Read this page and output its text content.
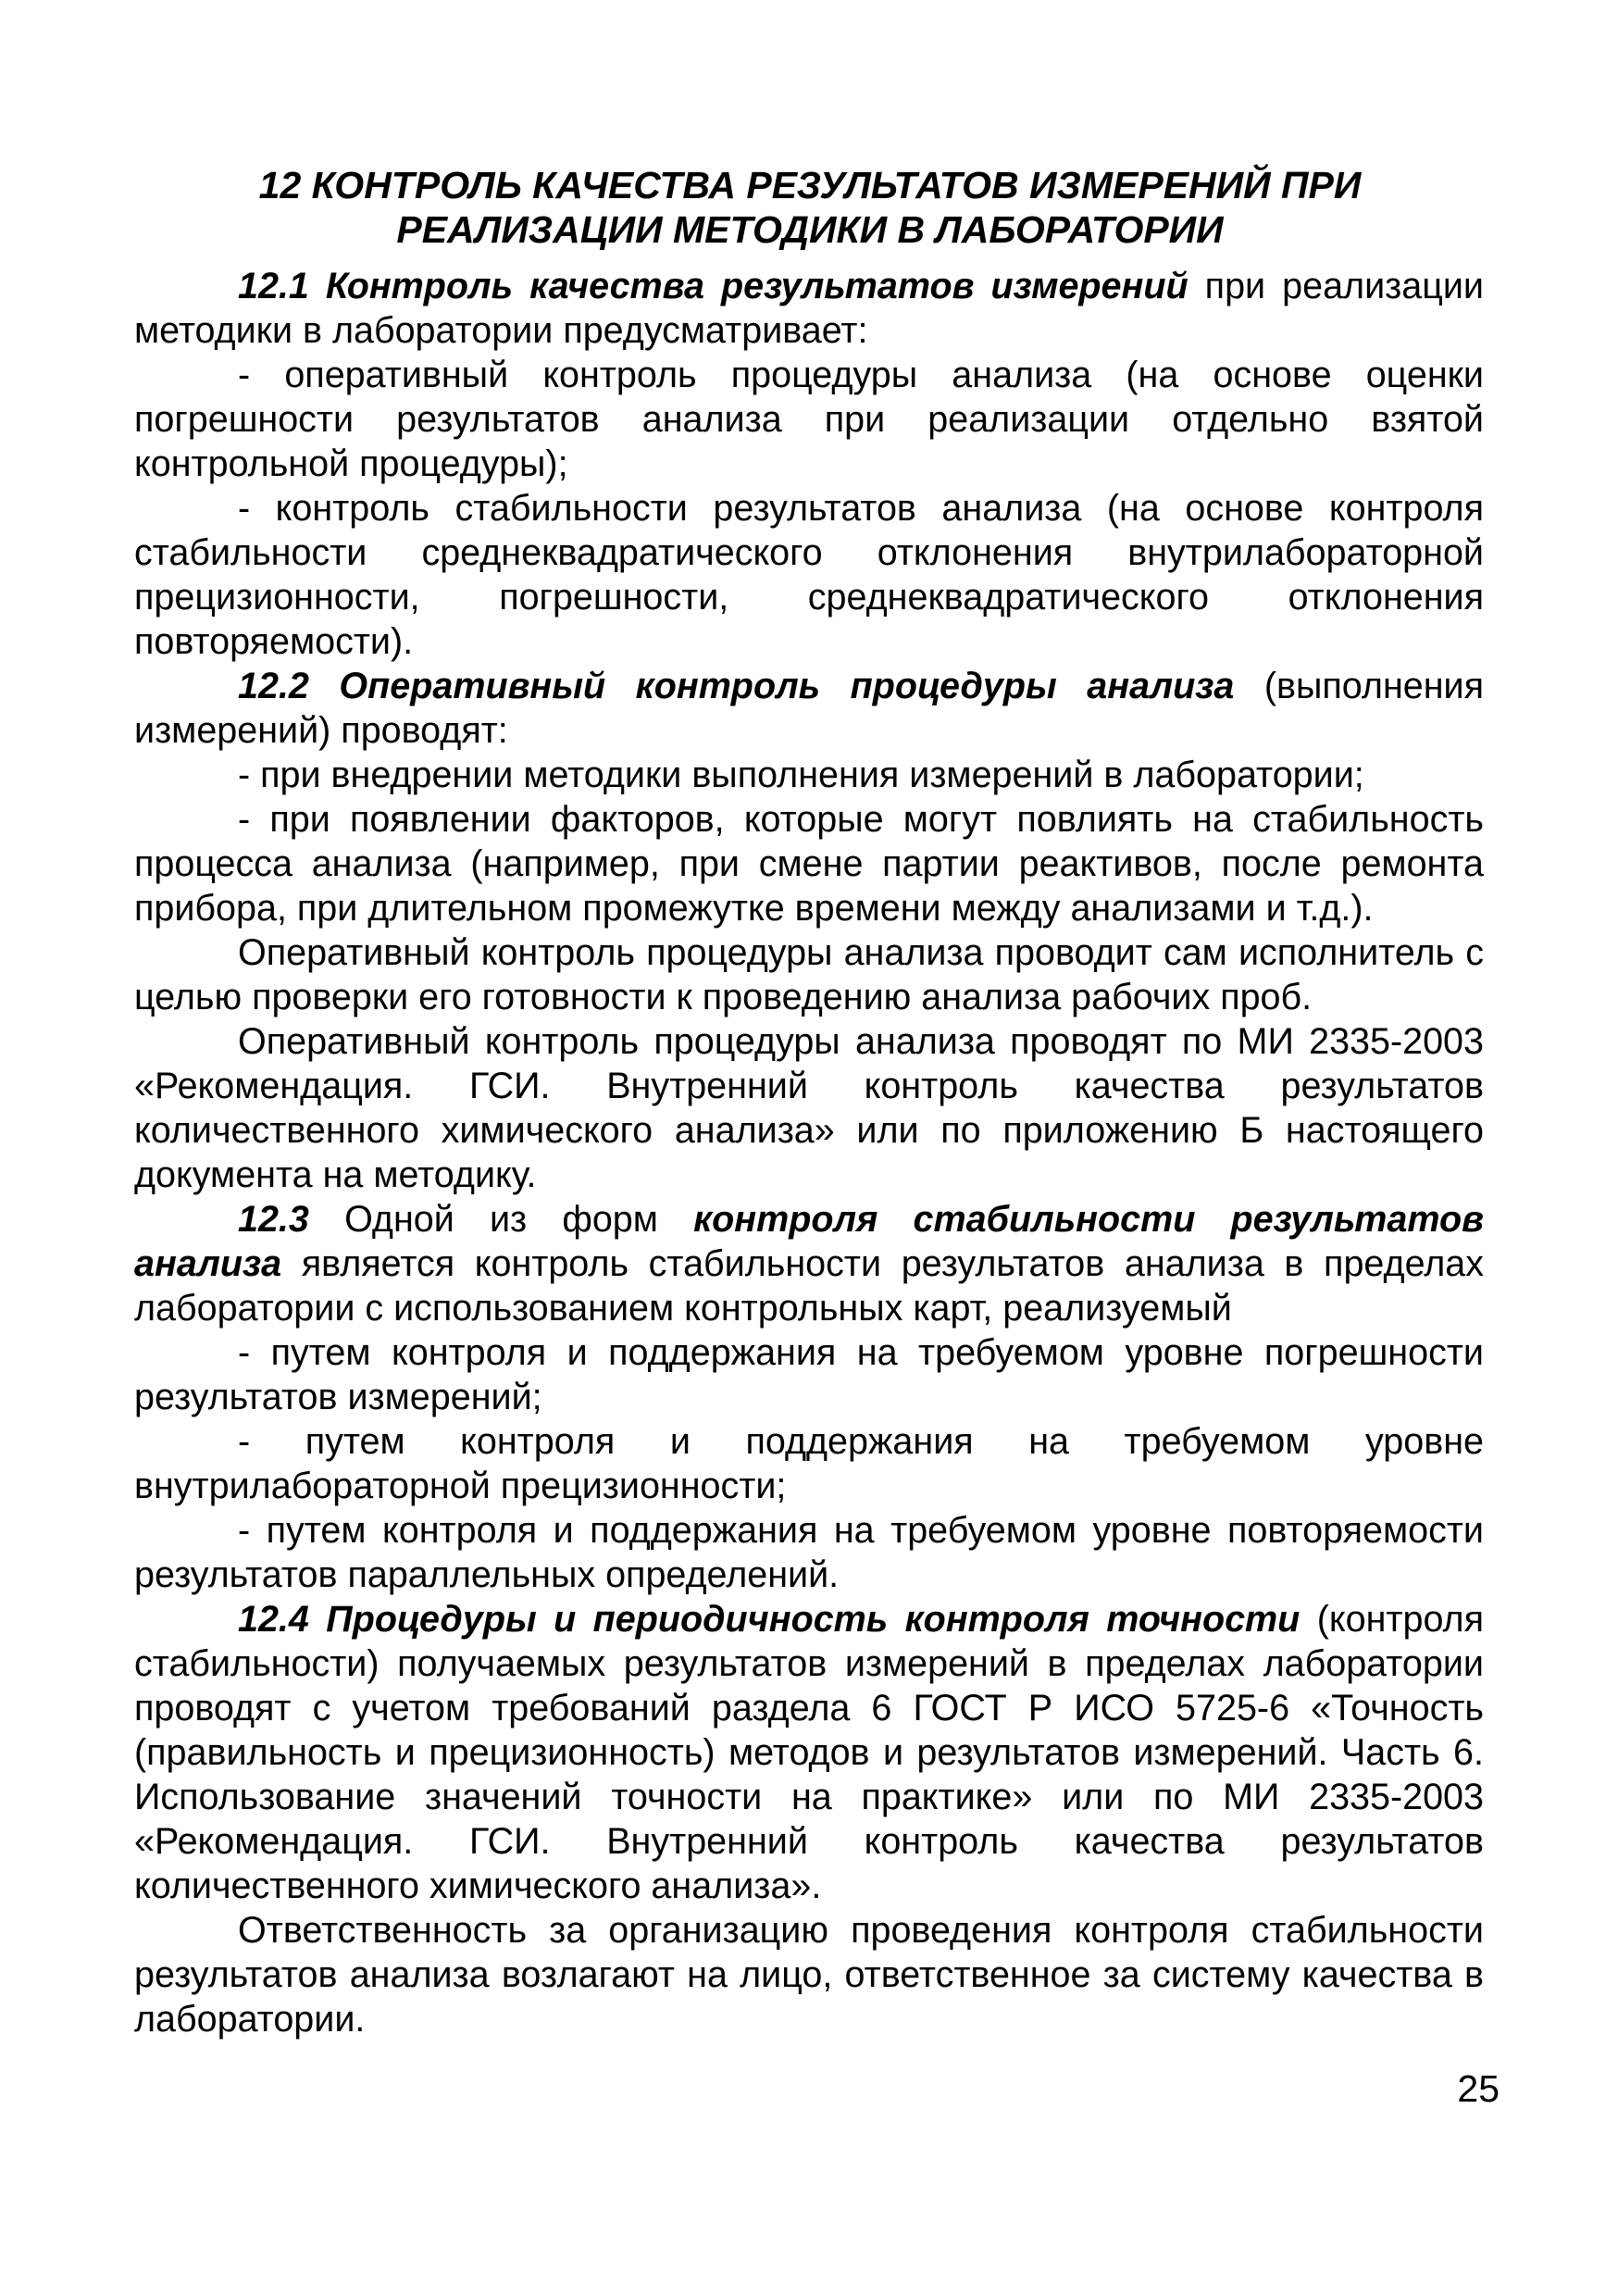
12 КОНТРОЛЬ КАЧЕСТВА РЕЗУЛЬТАТОВ ИЗМЕРЕНИЙ ПРИ
РЕАЛИЗАЦИИ МЕТОДИКИ В ЛАБОРАТОРИИ

12.1 Контроль качества результатов измерений при реализации методики в лаборатории предусматривает:

- оперативный контроль процедуры анализа (на основе оценки погрешности результатов анализа при реализации отдельно взятой контрольной процедуры);

- контроль стабильности результатов анализа (на основе контроля стабильности среднеквадратического отклонения внутрилабораторной прецизионности, погрешности, среднеквадратического отклонения повторяемости).

12.2 Оперативный контроль процедуры анализа (выполнения измерений) проводят:

- при внедрении методики выполнения измерений в лаборатории;

- при появлении факторов, которые могут повлиять на стабильность процесса анализа (например, при смене партии реактивов, после ремонта прибора, при длительном промежутке времени между анализами и т.д.).

Оперативный контроль процедуры анализа проводит сам исполнитель с целью проверки его готовности к проведению анализа рабочих проб.

Оперативный контроль процедуры анализа проводят по МИ 2335-2003 «Рекомендация. ГСИ. Внутренний контроль качества результатов количественного химического анализа» или по приложению Б настоящего документа на методику.

12.3 Одной из форм контроля стабильности результатов анализа является контроль стабильности результатов анализа в пределах лаборатории с использованием контрольных карт, реализуемый

- путем контроля и поддержания на требуемом уровне погрешности результатов измерений;

- путем контроля и поддержания на требуемом уровне внутрилабораторной прецизионности;

- путем контроля и поддержания на требуемом уровне повторяемости результатов параллельных определений.

12.4 Процедуры и периодичность контроля точности (контроля стабильности) получаемых результатов измерений в пределах лаборатории проводят с учетом требований раздела 6 ГОСТ Р ИСО 5725-6 «Точность (правильность и прецизионность) методов и результатов измерений. Часть 6. Использование значений точности на практике» или по МИ 2335-2003 «Рекомендация. ГСИ. Внутренний контроль качества результатов количественного химического анализа».

Ответственность за организацию проведения контроля стабильности результатов анализа возлагают на лицо, ответственное за систему качества в лаборатории.

25
